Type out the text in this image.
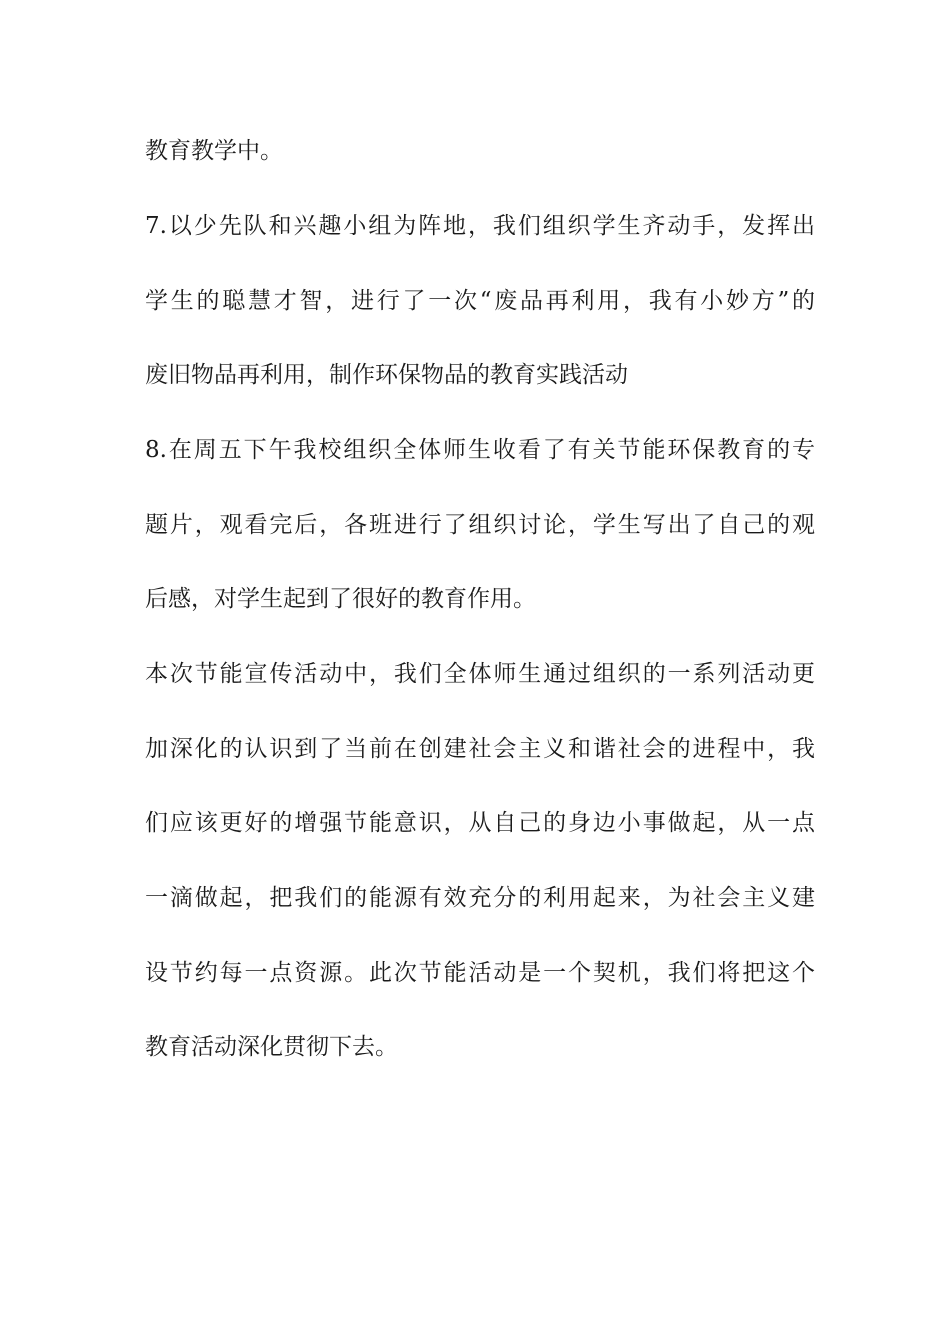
教育教学中。
7.以少先队和兴趣小组为阵地，我们组织学生齐动手，发挥出
学生的聪慧才智，进行了一次“废品再利用，我有小妙方”的
废旧物品再利用，制作环保物品的教育实践活动
8.在周五下午我校组织全体师生收看了有关节能环保教育的专
题片，观看完后，各班进行了组织讨论，学生写出了自己的观
后感，对学生起到了很好的教育作用。
本次节能宣传活动中，我们全体师生通过组织的一系列活动更
加深化的认识到了当前在创建社会主义和谐社会的进程中，我
们应该更好的增强节能意识，从自己的身边小事做起，从一点
一滴做起，把我们的能源有效充分的利用起来，为社会主义建
设节约每一点资源。此次节能活动是一个契机，我们将把这个
教育活动深化贯彻下去。
